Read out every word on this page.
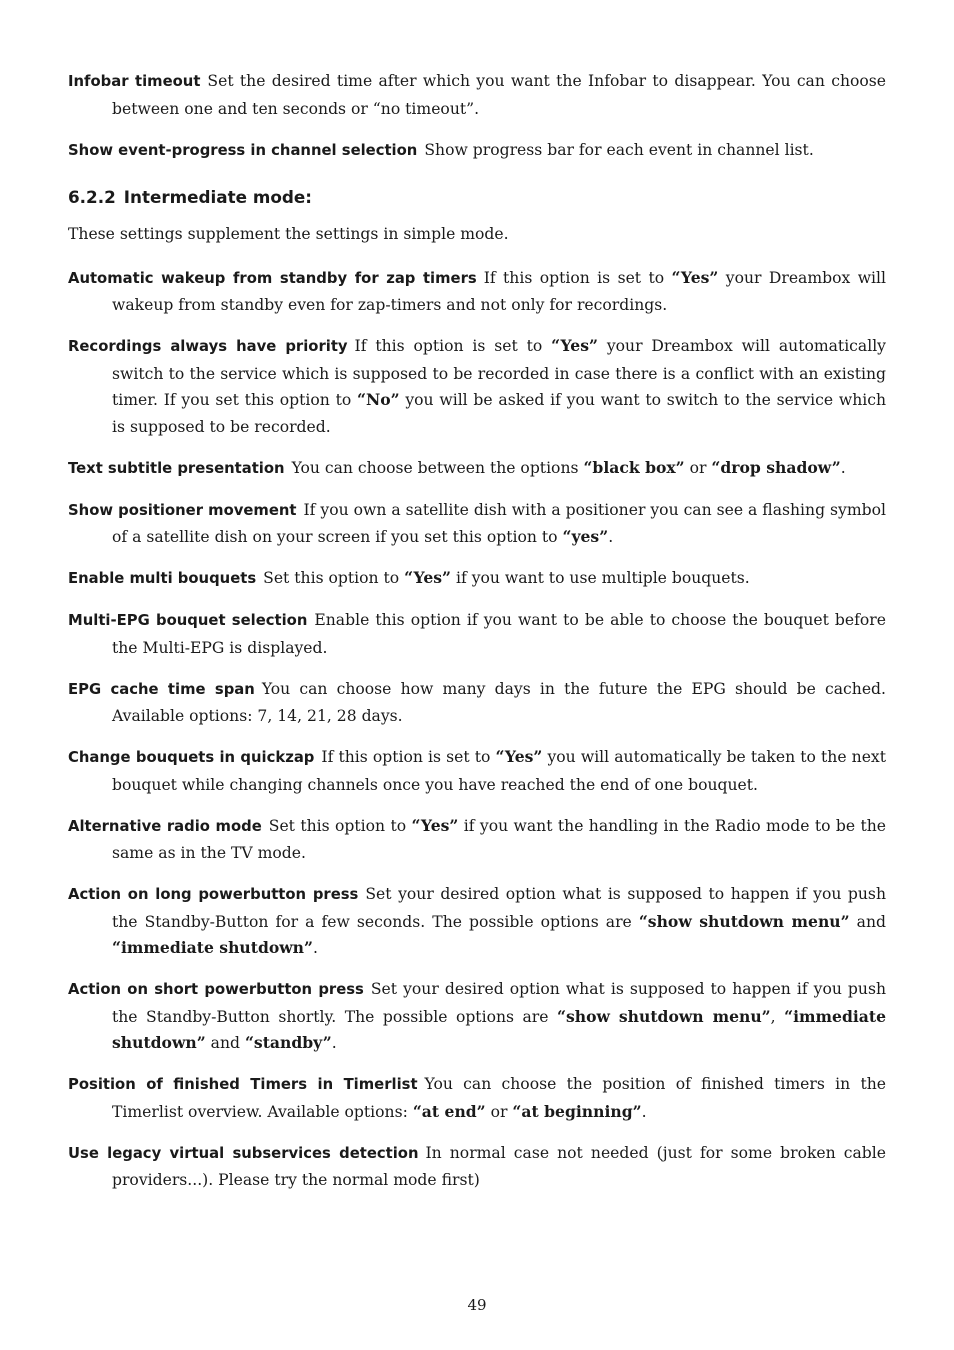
Infobar timeout Set the desired time after which you want the Infobar to disappear. You can choose between one and ten seconds or “no timeout”.

Show event-progress in channel selection Show progress bar for each event in channel list.

6.2.2 Intermediate mode:

These settings supplement the settings in simple mode.

Automatic wakeup from standby for zap timers If this option is set to “Yes” your Dreambox will wakeup from standby even for zap-timers and not only for recordings.

Recordings always have priority If this option is set to “Yes” your Dreambox will automatically switch to the service which is supposed to be recorded in case there is a conflict with an existing timer. If you set this option to “No” you will be asked if you want to switch to the service which is supposed to be recorded.

Text subtitle presentation You can choose between the options “black box” or “drop shadow”.

Show positioner movement If you own a satellite dish with a positioner you can see a flashing symbol of a satellite dish on your screen if you set this option to “yes”.

Enable multi bouquets Set this option to “Yes” if you want to use multiple bouquets.

Multi-EPG bouquet selection Enable this option if you want to be able to choose the bouquet before the Multi-EPG is displayed.

EPG cache time span You can choose how many days in the future the EPG should be cached. Available options: 7, 14, 21, 28 days.

Change bouquets in quickzap If this option is set to “Yes” you will automatically be taken to the next bouquet while changing channels once you have reached the end of one bouquet.

Alternative radio mode Set this option to “Yes” if you want the handling in the Radio mode to be the same as in the TV mode.

Action on long powerbutton press Set your desired option what is supposed to happen if you push the Standby-Button for a few seconds. The possible options are “show shutdown menu” and “immediate shutdown”.

Action on short powerbutton press Set your desired option what is supposed to happen if you push the Standby-Button shortly. The possible options are “show shutdown menu”, “immediate shutdown” and “standby”.

Position of finished Timers in Timerlist You can choose the position of finished timers in the Timerlist overview. Available options: “at end” or “at beginning”.

Use legacy virtual subservices detection In normal case not needed (just for some broken cable providers...). Please try the normal mode first)

49
